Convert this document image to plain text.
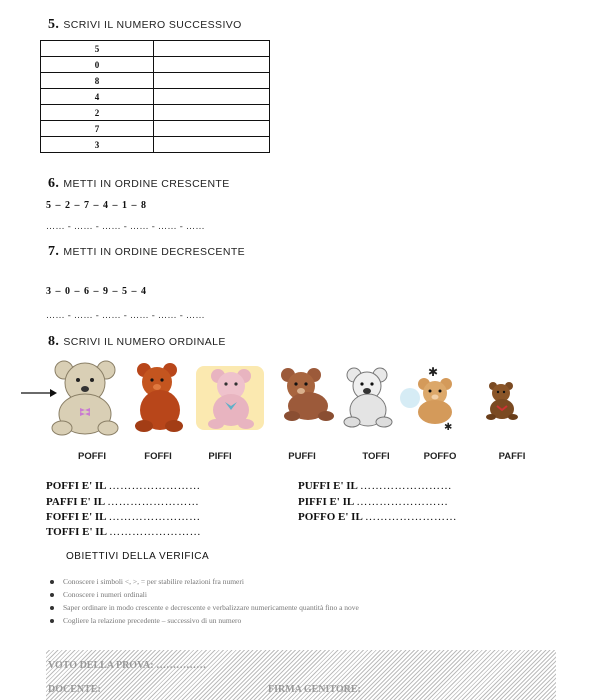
5. SCRIVI IL NUMERO SUCCESSIVO
5	
0	
8	
4	
2	
7	
3	
6. METTI IN ORDINE CRESCENTE
5 – 2 – 7 – 4 – 1 – 8
…… - …… - …… - …… - …… - ……
7. METTI IN ORDINE DECRESCENTE
3 – 0 – 6 – 9 – 5 – 4
…… - …… - …… - …… - …… - ……
8. SCRIVI IL NUMERO ORDINALE
✱
✱
POFFI	FOFFI	PIFFI	PUFFI	TOFFI	POFFO	PAFFI
POFFI E' IL ……………………
PAFFI E' IL ……………………
FOFFI E' IL ……………………
TOFFI E' IL ……………………
PUFFI E' IL ……………………
PIFFI E' IL ……………………
POFFO E' IL ……………………
OBIETTIVI DELLA VERIFICA
Conoscere i simboli <, >, = per stabilire relazioni fra numeri
Conoscere i numeri ordinali
Saper ordinare in modo crescente e decrescente e verbalizzare numericamente quantità fino a nove
Cogliere la relazione precedente – successivo di un numero
VOTO DELLA PROVA: ……………
DOCENTE:	FIRMA GENITORE:
